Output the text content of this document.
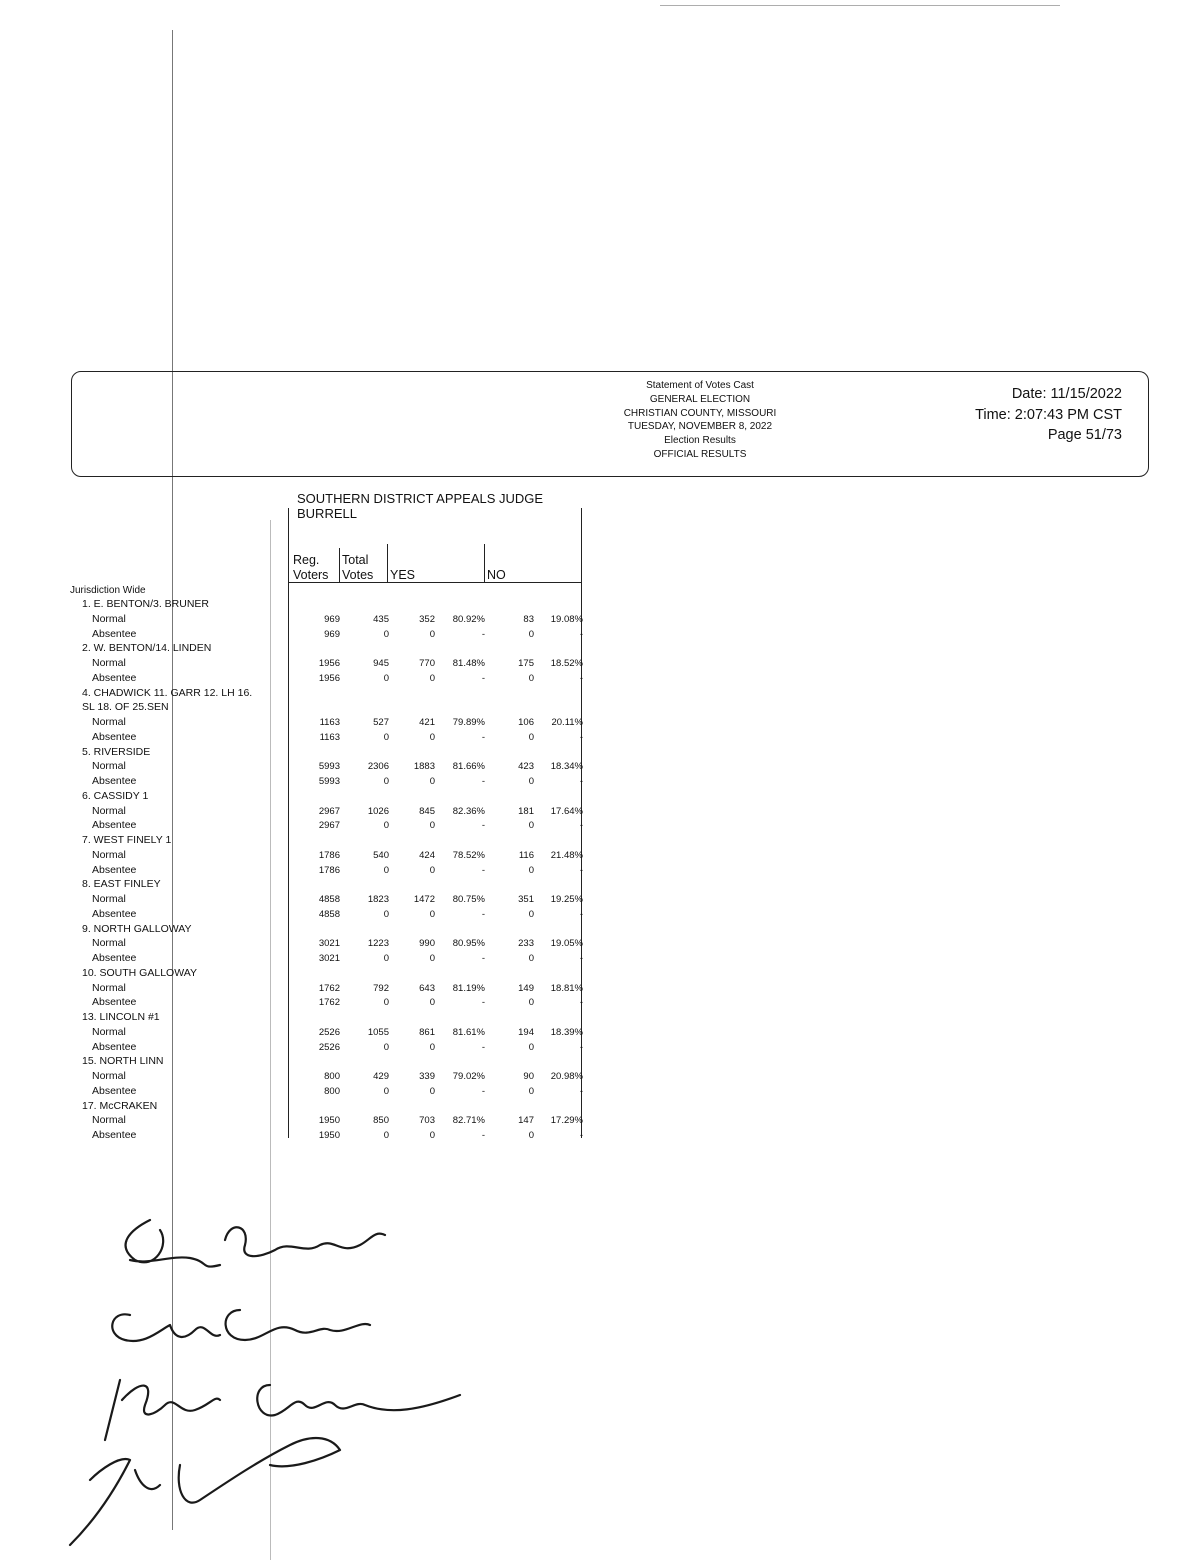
Statement of Votes Cast
GENERAL ELECTION
CHRISTIAN COUNTY, MISSOURI
TUESDAY, NOVEMBER 8, 2022
Election Results
OFFICIAL RESULTS
Date: 11/15/2022
Time: 2:07:43 PM CST
Page 51/73
SOUTHERN DISTRICT APPEALS JUDGE
BURRELL
Reg.
Voters
Total
Votes YES	NO
Jurisdiction Wide
1. E. BENTON/3. BRUNER
Normal	969	435	352 80.92%	83 19.08%
Absentee	969	0	0	-	0	-
2. W. BENTON/14. LINDEN
Normal	1956	945	770 81.48%	175 18.52%
Absentee	1956	0	0	-	0	-
4. CHADWICK 11. GARR 12. LH 16.
SL 18. OF 25.SEN
Normal	1163	527	421 79.89%	106 20.11%
Absentee	1163	0	0	-	0	-
5. RIVERSIDE
Normal	5993	2306	1883 81.66%	423 18.34%
Absentee	5993	0	0	-	0	-
6. CASSIDY 1
Normal	2967	1026	845 82.36%	181 17.64%
Absentee	2967	0	0	-	0	-
7. WEST FINELY 1
Normal	1786	540	424 78.52%	116 21.48%
Absentee	1786	0	0	-	0	-
8. EAST FINLEY
Normal	4858	1823	1472 80.75%	351 19.25%
Absentee	4858	0	0	-	0	-
9. NORTH GALLOWAY
Normal	3021	1223	990 80.95%	233 19.05%
Absentee	3021	0	0	-	0	-
10. SOUTH GALLOWAY
Normal	1762	792	643 81.19%	149 18.81%
Absentee	1762	0	0	-	0	-
13. LINCOLN #1
Normal	2526	1055	861 81.61%	194 18.39%
Absentee	2526	0	0	-	0	-
15. NORTH LINN
Normal	800	429	339 79.02%	90 20.98%
Absentee	800	0	0	-	0	-
17. McCRAKEN
Normal	1950	850	703 82.71%	147 17.29%
Absentee	1950	0	0	-	0	-
